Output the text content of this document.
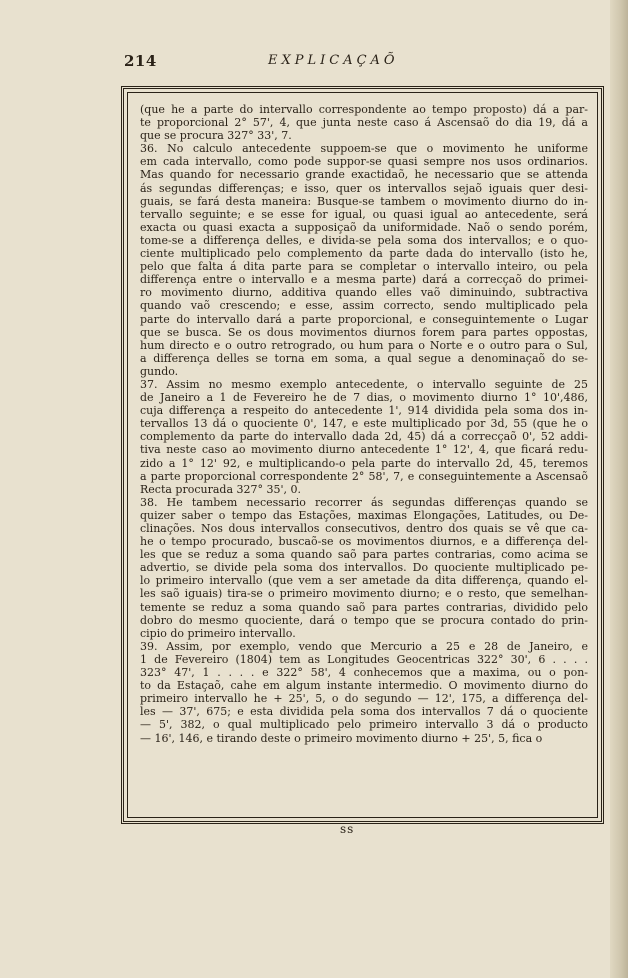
214	EXPLICAÇAÕ
(que he a parte do intervallo correspondente ao tempo proposto) dá a par-
te proporcional 2° 57', 4, que junta neste caso á Ascensaõ do dia 19, dá a
que se procura 327° 33', 7.
36. No calculo antecedente suppoem-se que o movimento he uniforme
em cada intervallo, como pode suppor-se quasi sempre nos usos ordinarios.
Mas quando for necessario grande exactidaõ, he necessario que se attenda
ás segundas differenças; e isso, quer os intervallos sejaõ iguais quer desi-
guais, se fará desta maneira: Busque-se tambem o movimento diurno do in-
tervallo seguinte; e se esse for igual, ou quasi igual ao antecedente, será
exacta ou quasi exacta a supposiçaõ da uniformidade. Naõ o sendo porém,
tome-se a differença delles, e divida-se pela soma dos intervallos; e o quo-
ciente multiplicado pelo complemento da parte dada do intervallo (isto he,
pelo que falta á dita parte para se completar o intervallo inteiro, ou pela
differença entre o intervallo e a mesma parte) dará a correcçaõ do primei-
ro movimento diurno, additiva quando elles vaõ diminuindo, subtractiva
quando vaõ crescendo; e esse, assim correcto, sendo multiplicado pela
parte do intervallo dará a parte proporcional, e conseguintemente o Lugar
que se busca. Se os dous movimentos diurnos forem para partes oppostas,
hum directo e o outro retrogrado, ou hum para o Norte e o outro para o Sul,
a differença delles se torna em soma, a qual segue a denominaçaõ do se-
gundo.
37. Assim no mesmo exemplo antecedente, o intervallo seguinte de 25
de Janeiro a 1 de Fevereiro he de 7 dias, o movimento diurno 1° 10',486,
cuja differença a respeito do antecedente 1', 914 dividida pela soma dos in-
tervallos 13 dá o quociente 0', 147, e este multiplicado por 3d, 55 (que he o
complemento da parte do intervallo dada 2d, 45) dá a correcçaõ 0', 52 addi-
tiva neste caso ao movimento diurno antecedente 1° 12', 4, que ficará redu-
zido a 1° 12' 92, e multiplicando-o pela parte do intervallo 2d, 45, teremos
a parte proporcional correspondente 2° 58', 7, e conseguintemente a Ascensaõ
Recta procurada 327° 35', 0.
38. He tambem necessario recorrer ás segundas differenças quando se
quizer saber o tempo das Estações, maximas Elongações, Latitudes, ou De-
clinações. Nos dous intervallos consecutivos, dentro dos quais se vê que ca-
he o tempo procurado, buscaõ-se os movimentos diurnos, e a differença del-
les que se reduz a soma quando saõ para partes contrarias, como acima se
advertio, se divide pela soma dos intervallos. Do quociente multiplicado pe-
lo primeiro intervallo (que vem a ser ametade da dita differença, quando el-
les saõ iguais) tira-se o primeiro movimento diurno; e o resto, que semelhan-
temente se reduz a soma quando saõ para partes contrarias, dividido pelo
dobro do mesmo quociente, dará o tempo que se procura contado do prin-
cipio do primeiro intervallo.
39. Assim, por exemplo, vendo que Mercurio a 25 e 28 de Janeiro, e
1 de Fevereiro (1804) tem as Longitudes Geocentricas 322° 30', 6 . . . .
323° 47', 1 . . . . e 322° 58', 4 conhecemos que a maxima, ou o pon-
to da Estaçaõ, cahe em algum instante intermedio. O movimento diurno do
primeiro intervallo he + 25', 5, o do segundo — 12', 175, a differença del-
les — 37', 675; e esta dividida pela soma dos intervallos 7 dá o quociente
— 5', 382, o qual multiplicado pelo primeiro intervallo 3 dá o producto
— 16', 146, e tirando deste o primeiro movimento diurno + 25', 5, fica o
ss
